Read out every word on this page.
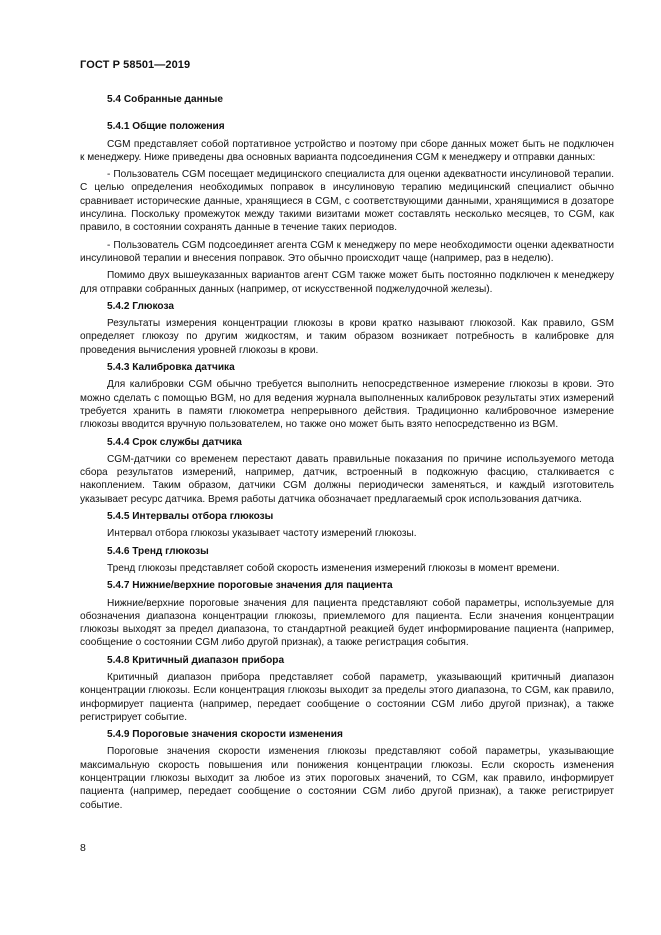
ГОСТ Р 58501—2019
5.4 Собранные данные
5.4.1 Общие положения

CGM представляет собой портативное устройство и поэтому при сборе данных может быть не подключен к менеджеру. Ниже приведены два основных варианта подсоединения CGM к менеджеру и отправки данных:

- Пользователь CGM посещает медицинского специалиста для оценки адекватности инсулиновой терапии. С целью определения необходимых поправок в инсулиновую терапию медицинский специалист обычно сравнивает исторические данные, хранящиеся в CGM, с соответствующими данными, хранящимися в дозаторе инсулина. Поскольку промежуток между такими визитами может составлять несколько месяцев, то CGM, как правило, в состоянии сохранять данные в течение таких периодов.

- Пользователь CGM подсоединяет агента CGM к менеджеру по мере необходимости оценки адекватности инсулиновой терапии и внесения поправок. Это обычно происходит чаще (например, раз в неделю).

Помимо двух вышеуказанных вариантов агент CGM также может быть постоянно подключен к менеджеру для отправки собранных данных (например, от искусственной поджелудочной железы).

5.4.2 Глюкоза

Результаты измерения концентрации глюкозы в крови кратко называют глюкозой. Как правило, GSM определяет глюкозу по другим жидкостям, и таким образом возникает потребность в калибровке для проведения вычисления уровней глюкозы в крови.

5.4.3 Калибровка датчика

Для калибровки CGM обычно требуется выполнить непосредственное измерение глюкозы в крови. Это можно сделать с помощью BGM, но для ведения журнала выполненных калибровок результаты этих измерений требуется хранить в памяти глюкометра непрерывного действия. Традиционно калибровочное измерение глюкозы вводится вручную пользователем, но также оно может быть взято непосредственно из BGM.

5.4.4 Срок службы датчика

CGM-датчики со временем перестают давать правильные показания по причине используемого метода сбора результатов измерений, например, датчик, встроенный в подкожную фасцию, сталкивается с накоплением. Таким образом, датчики CGM должны периодически заменяться, и каждый изготовитель указывает ресурс датчика. Время работы датчика обозначает предлагаемый срок использования датчика.

5.4.5 Интервалы отбора глюкозы

Интервал отбора глюкозы указывает частоту измерений глюкозы.

5.4.6 Тренд глюкозы

Тренд глюкозы представляет собой скорость изменения измерений глюкозы в момент времени.

5.4.7 Нижние/верхние пороговые значения для пациента

Нижние/верхние пороговые значения для пациента представляют собой параметры, используемые для обозначения диапазона концентрации глюкозы, приемлемого для пациента. Если значения концентрации глюкозы выходят за предел диапазона, то стандартной реакцией будет информирование пациента (например, сообщение о состоянии CGM либо другой признак), а также регистрация события.

5.4.8 Критичный диапазон прибора

Критичный диапазон прибора представляет собой параметр, указывающий критичный диапазон концентрации глюкозы. Если концентрация глюкозы выходит за пределы этого диапазона, то CGM, как правило, информирует пациента (например, передает сообщение о состоянии CGM либо другой признак), а также регистрирует событие.

5.4.9 Пороговые значения скорости изменения

Пороговые значения скорости изменения глюкозы представляют собой параметры, указывающие максимальную скорость повышения или понижения концентрации глюкозы. Если скорость изменения концентрации глюкозы выходит за любое из этих пороговых значений, то CGM, как правило, информирует пациента (например, передает сообщение о состоянии CGM либо другой признак), а также регистрирует событие.

8
